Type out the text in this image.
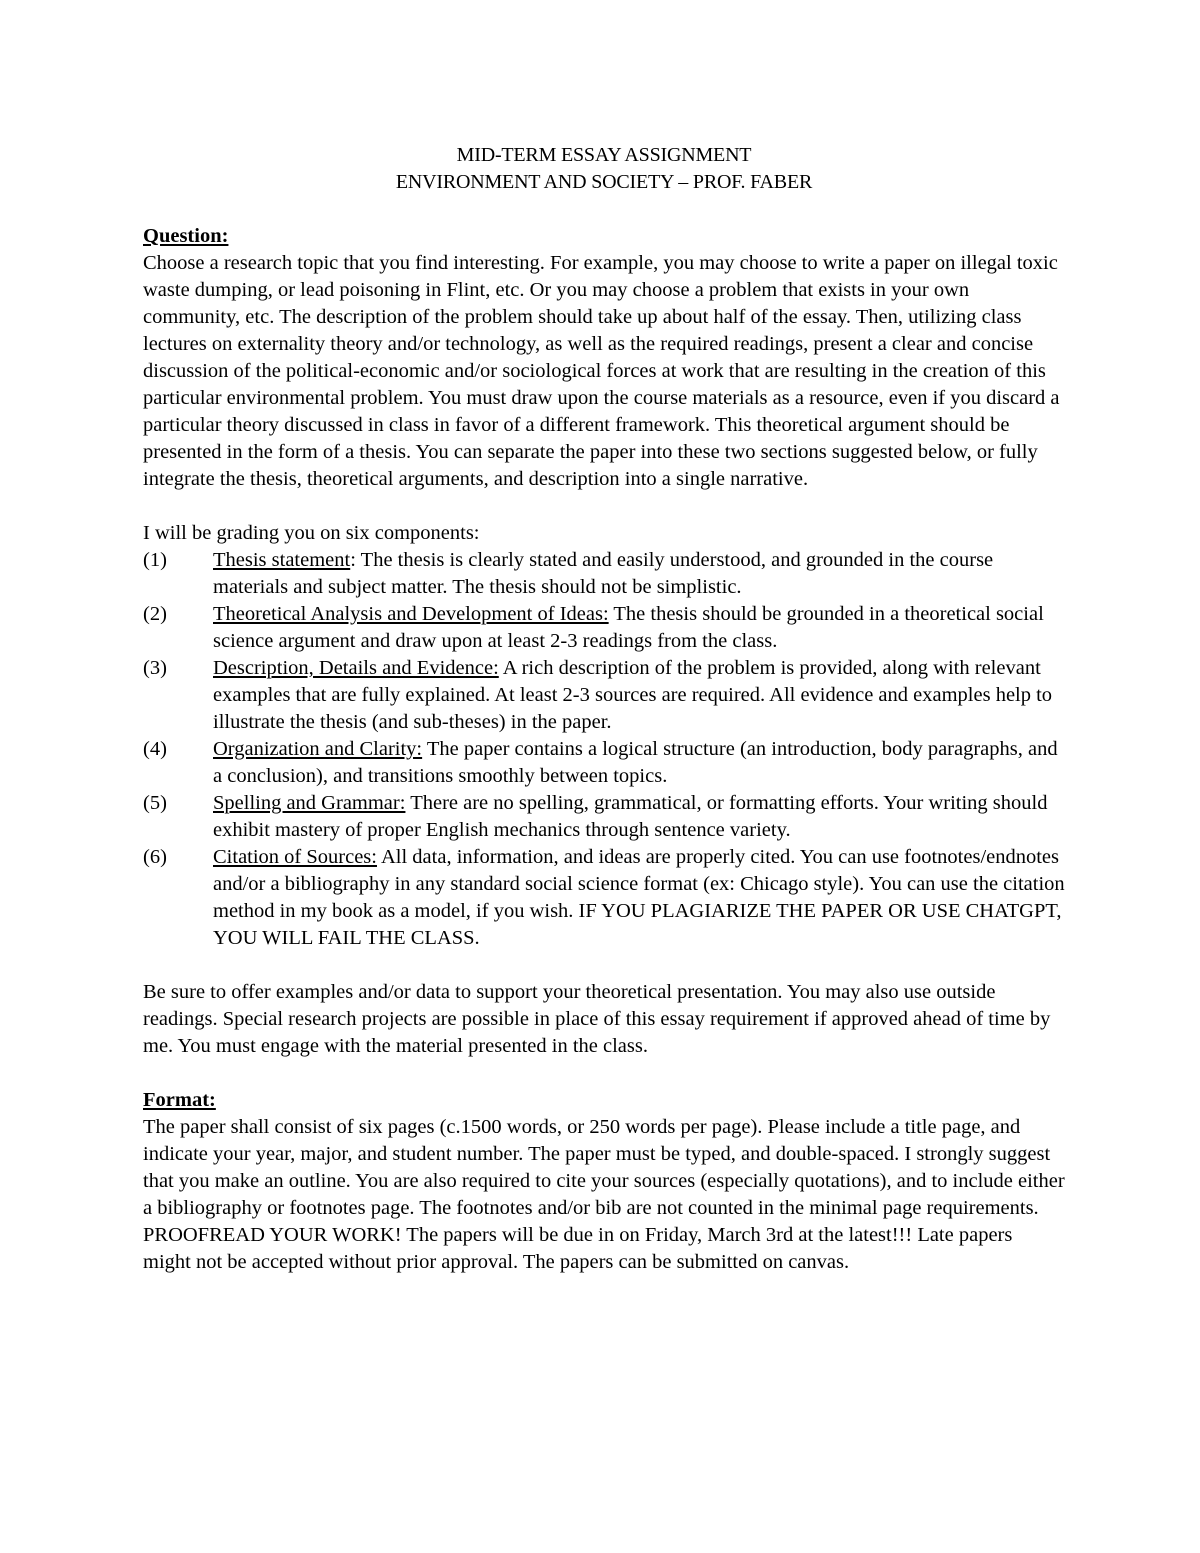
MID-TERM ESSAY ASSIGNMENT

ENVIRONMENT AND SOCIETY – PROF. FABER

Question:

Choose a research topic that you find interesting. For example, you may choose to write a paper on illegal toxic waste dumping, or lead poisoning in Flint, etc. Or you may choose a problem that exists in your own community, etc. The description of the problem should take up about half of the essay. Then, utilizing class lectures on externality theory and/or technology, as well as the required readings, present a clear and concise discussion of the political-economic and/or sociological forces at work that are resulting in the creation of this particular environmental problem. You must draw upon the course materials as a resource, even if you discard a particular theory discussed in class in favor of a different framework. This theoretical argument should be presented in the form of a thesis. You can separate the paper into these two sections suggested below, or fully integrate the thesis, theoretical arguments, and description into a single narrative.

I will be grading you on six components:

(1)	Thesis statement: The thesis is clearly stated and easily understood, and grounded in the course materials and subject matter. The thesis should not be simplistic.
(2)	Theoretical Analysis and Development of Ideas: The thesis should be grounded in a theoretical social science argument and draw upon at least 2-3 readings from the class.
(3)	Description, Details and Evidence: A rich description of the problem is provided, along with relevant examples that are fully explained. At least 2-3 sources are required. All evidence and examples help to illustrate the thesis (and sub-theses) in the paper.
(4)	Organization and Clarity: The paper contains a logical structure (an introduction, body paragraphs, and a conclusion), and transitions smoothly between topics.
(5)	Spelling and Grammar: There are no spelling, grammatical, or formatting efforts. Your writing should exhibit mastery of proper English mechanics through sentence variety.
(6)	Citation of Sources: All data, information, and ideas are properly cited. You can use footnotes/endnotes and/or a bibliography in any standard social science format (ex: Chicago style). You can use the citation method in my book as a model, if you wish. IF YOU PLAGIARIZE THE PAPER OR USE CHATGPT, YOU WILL FAIL THE CLASS.

Be sure to offer examples and/or data to support your theoretical presentation. You may also use outside readings. Special research projects are possible in place of this essay requirement if approved ahead of time by me. You must engage with the material presented in the class.

Format:

The paper shall consist of six pages (c.1500 words, or 250 words per page). Please include a title page, and indicate your year, major, and student number. The paper must be typed, and double-spaced. I strongly suggest that you make an outline. You are also required to cite your sources (especially quotations), and to include either a bibliography or footnotes page. The footnotes and/or bib are not counted in the minimal page requirements. PROOFREAD YOUR WORK! The papers will be due in on Friday, March 3rd at the latest!!! Late papers might not be accepted without prior approval. The papers can be submitted on canvas.
